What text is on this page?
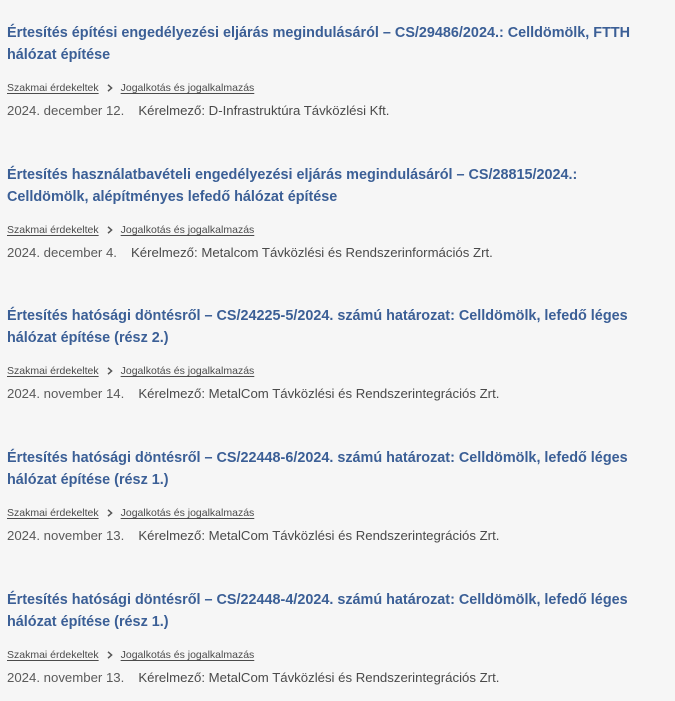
Értesítés építési engedélyezési eljárás megindulásáról – CS/29486/2024.: Celldömölk, FTTH hálózat építése
Szakmai érdekeltek Jogalkotás és jogalkalmazás
2024. december 12. Kérelmező: D-Infrastruktúra Távközlési Kft.
Értesítés használatbavételi engedélyezési eljárás megindulásáról – CS/28815/2024.: Celldömölk, alépítményes lefedő hálózat építése
Szakmai érdekeltek Jogalkotás és jogalkalmazás
2024. december 4. Kérelmező: Metalcom Távközlési és Rendszerinformációs Zrt.
Értesítés hatósági döntésről – CS/24225-5/2024. számú határozat: Celldömölk, lefedő léges hálózat építése (rész 2.)
Szakmai érdekeltek Jogalkotás és jogalkalmazás
2024. november 14. Kérelmező: MetalCom Távközlési és Rendszerintegrációs Zrt.
Értesítés hatósági döntésről – CS/22448-6/2024. számú határozat: Celldömölk, lefedő léges hálózat építése (rész 1.)
Szakmai érdekeltek Jogalkotás és jogalkalmazás
2024. november 13. Kérelmező: MetalCom Távközlési és Rendszerintegrációs Zrt.
Értesítés hatósági döntésről – CS/22448-4/2024. számú határozat: Celldömölk, lefedő léges hálózat építése (rész 1.)
Szakmai érdekeltek Jogalkotás és jogalkalmazás
2024. november 13. Kérelmező: MetalCom Távközlési és Rendszerintegrációs Zrt.
